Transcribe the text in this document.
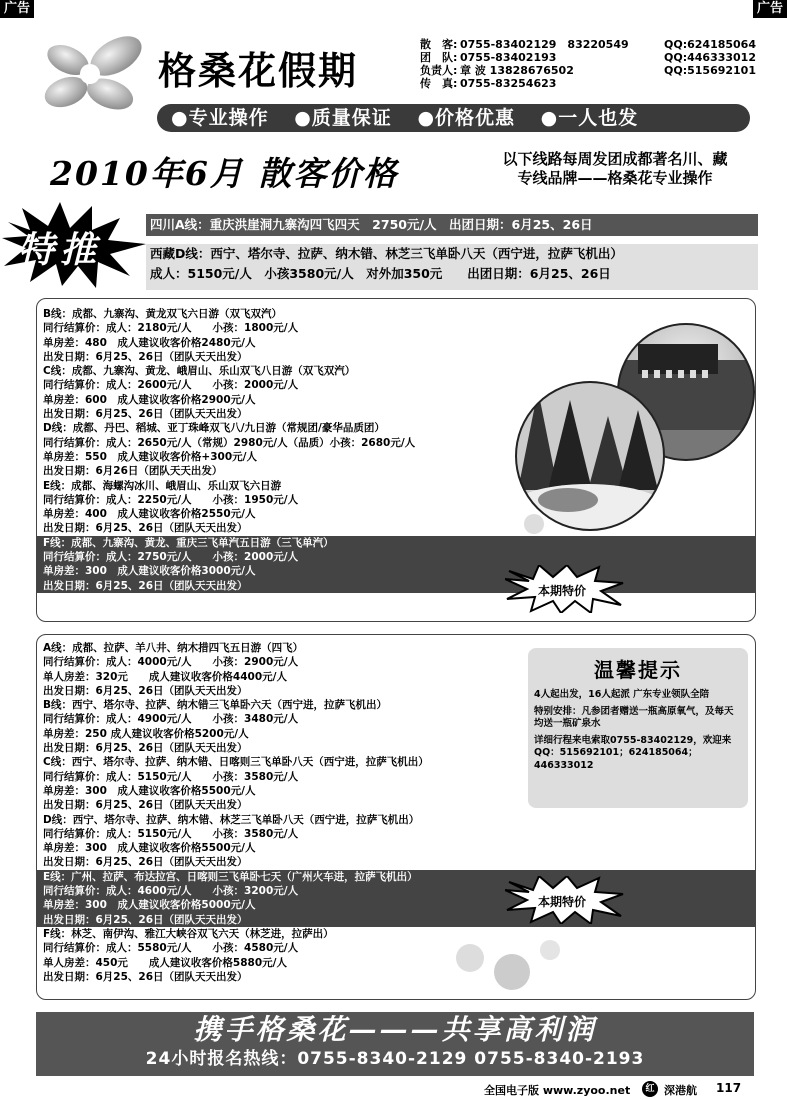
广告	广告
格桑花假期
散　客: 0755-83402129　83220549	QQ:624185064
团　队: 0755-83402193	QQ:446333012
负责人: 章 波 13828676502	QQ:515692101
传　真: 0755-83254623
●专业操作 ●质量保证 ●价格优惠 ●一人也发
2010年6月 散客价格	以下线路每周发团成都著名川、藏
专线品牌——格桑花专业操作
特推
四川A线：重庆洪崖洞九寨沟四飞四天　2750元/人　出团日期：6月25、26日
西藏D线：西宁、塔尔寺、拉萨、纳木错、林芝三飞单卧八天（西宁进，拉萨飞机出）
成人：5150元/人　小孩3580元/人　对外加350元　　出团日期：6月25、26日
B线：成都、九寨沟、黄龙双飞六日游（双飞双汽）
同行结算价：成人：2180元/人　　小孩：1800元/人
单房差：480　成人建议收客价格2480元/人
出发日期：6月25、26日（团队天天出发）
C线：成都、九寨沟、黄龙、峨眉山、乐山双飞八日游（双飞双汽）
同行结算价：成人：2600元/人　　小孩：2000元/人
单房差：600　成人建议收客价格2900元/人
出发日期：6月25、26日（团队天天出发）
D线：成都、丹巴、稻城、亚丁珠峰双飞八/九日游（常规团/豪华品质团）
同行结算价：成人：2650元/人（常规）2980元/人（品质）小孩：2680元/人
单房差：550　成人建议收客价格+300元/人
出发日期：6月26日（团队天天出发）
E线：成都、海螺沟冰川、峨眉山、乐山双飞六日游
同行结算价：成人：2250元/人　　小孩：1950元/人
单房差：400　成人建议收客价格2550元/人
出发日期：6月25、26日（团队天天出发）
F线：成都、九寨沟、黄龙、重庆三飞单汽五日游（三飞单汽）
同行结算价：成人：2750元/人　　小孩：2000元/人
单房差：300　成人建议收客价格3000元/人
出发日期：6月25、26日（团队天天出发）	本期特价
A线：成都、拉萨、羊八井、纳木措四飞五日游（四飞）
同行结算价：成人：4000元/人　　小孩：2900元/人
单人房差：320元　　成人建议收客价格4400元/人
出发日期：6月25、26日（团队天天出发）
B线：西宁、塔尔寺、拉萨、纳木错三飞单卧六天（西宁进，拉萨飞机出）
同行结算价：成人：4900元/人　　小孩：3480元/人
单房差：250 成人建议收客价格5200元/人
出发日期：6月25、26日（团队天天出发）
C线：西宁、塔尔寺、拉萨、纳木错、日喀则三飞单卧八天（西宁进，拉萨飞机出）
同行结算价：成人：5150元/人　　小孩：3580元/人
单房差：300　成人建议收客价格5500元/人
出发日期：6月25、26日（团队天天出发）
D线：西宁、塔尔寺、拉萨、纳木错、林芝三飞单卧八天（西宁进，拉萨飞机出）
同行结算价：成人：5150元/人　　小孩：3580元/人
单房差：300　成人建议收客价格5500元/人
出发日期：6月25、26日（团队天天出发）
E线：广州、拉萨、布达拉宫、日喀则三飞单卧七天（广州火车进，拉萨飞机出）
同行结算价：成人：4600元/人　　小孩：3200元/人
单房差：300　成人建议收客价格5000元/人
出发日期：6月25、26日（团队天天出发）
F线：林芝、南伊沟、雅江大峡谷双飞六天（林芝进，拉萨出）
同行结算价：成人：5580元/人　　小孩：4580元/人
单人房差：450元　　成人建议收客价格5880元/人
出发日期：6月25、26日（团队天天出发）
温馨提示
4人起出发，16人起派 广东专业领队全陪
特别安排：凡参团者赠送一瓶高原氧气，及每天均送一瓶矿泉水
详细行程来电索取0755-83402129，欢迎来
QQ：515692101；624185064；446333012
本期特价
携手格桑花———共享高利润
24小时报名热线：0755-8340-2129 0755-8340-2193
全国电子版 www.zyoo.net	红 深港航 117
